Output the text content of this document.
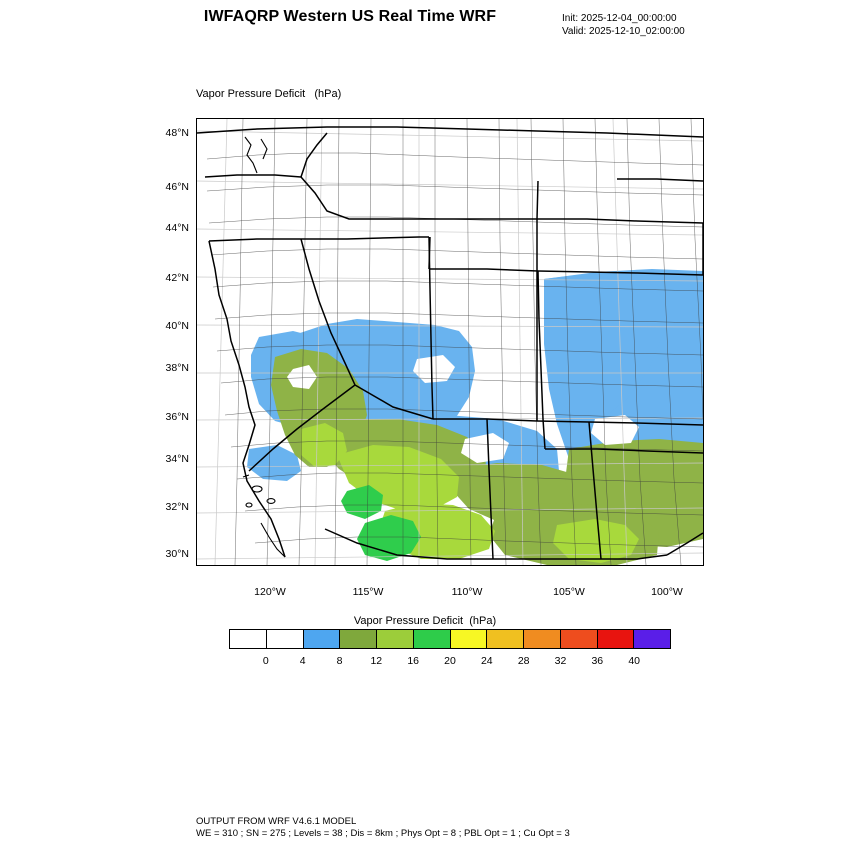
IWFAQRP Western US Real Time WRF	Init: 2025-12-04_00:00:00
Valid: 2025-12-10_02:00:00
Vapor Pressure Deficit   (hPa)
48°N
46°N
44°N
42°N
40°N
38°N
36°N
34°N
32°N
30°N
120°W	115°W	110°W	105°W	100°W
Vapor Pressure Deficit  (hPa)
0	4	8	12 16 20 24 28 32 36 40
OUTPUT FROM WRF V4.6.1 MODEL
WE = 310 ; SN = 275 ; Levels = 38 ; Dis = 8km ; Phys Opt = 8 ; PBL Opt = 1 ; Cu Opt = 3
